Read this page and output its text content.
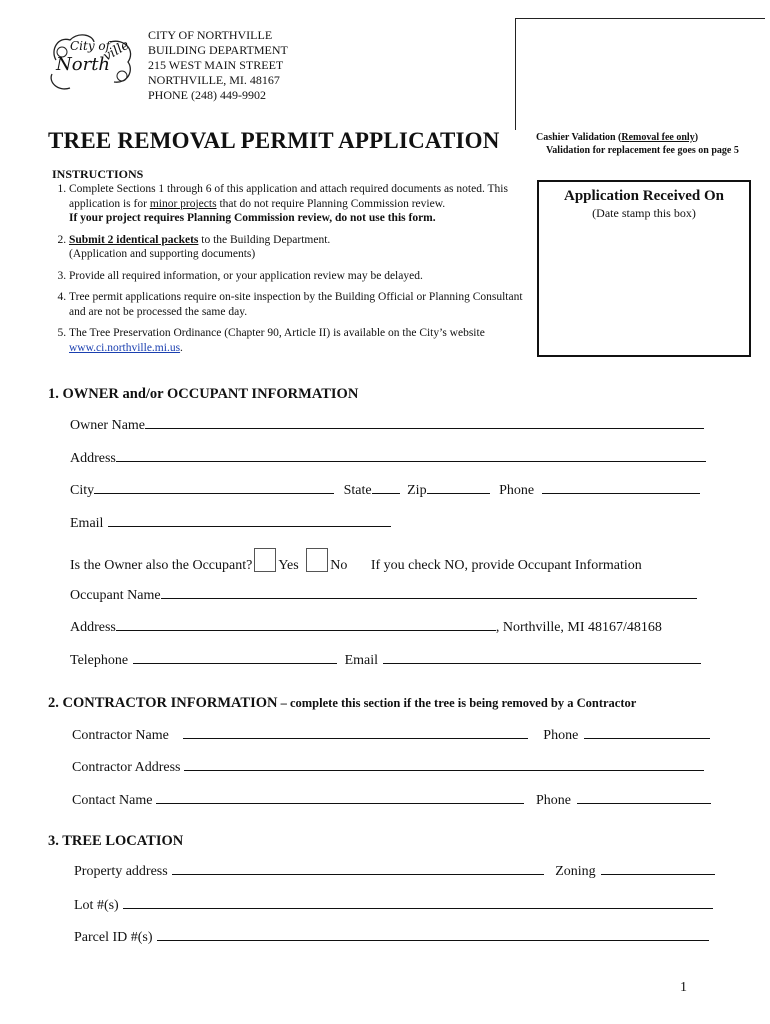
City of
North
ville
CITY OF NORTHVILLE
BUILDING DEPARTMENT
215 WEST MAIN STREET
NORTHVILLE, MI. 48167
PHONE (248) 449-9902
TREE REMOVAL PERMIT APPLICATION	Cashier Validation (Removal fee only)
Validation for replacement fee goes on page 5
Application Received On
(Date stamp this box)
INSTRUCTIONS
1. Complete Sections 1 through 6 of this application and attach required documents as noted. This application is for minor projects that do not require Planning Commission review.
If your project requires Planning Commission review, do not use this form.
2. Submit 2 identical packets to the Building Department.
(Application and supporting documents)
3. Provide all required information, or your application review may be delayed.
4. Tree permit applications require on-site inspection by the Building Official or Planning Consultant and are not be processed the same day.
5. The Tree Preservation Ordinance (Chapter 90, Article II) is available on the City’s website
www.ci.northville.mi.us.
1. OWNER and/or OCCUPANT INFORMATION
Owner Name
Address
City	State	Zip	Phone
Email
Is the Owner also the Occupant? Yes No If you check NO, provide Occupant Information
Occupant Name
Address	, Northville, MI 48167/48168
Telephone	Email
2. CONTRACTOR INFORMATION – complete this section if the tree is being removed by a Contractor
Contractor Name	Phone
Contractor Address
Contact Name	Phone
3. TREE LOCATION
Property address	Zoning
Lot #(s)
Parcel ID #(s)
1
